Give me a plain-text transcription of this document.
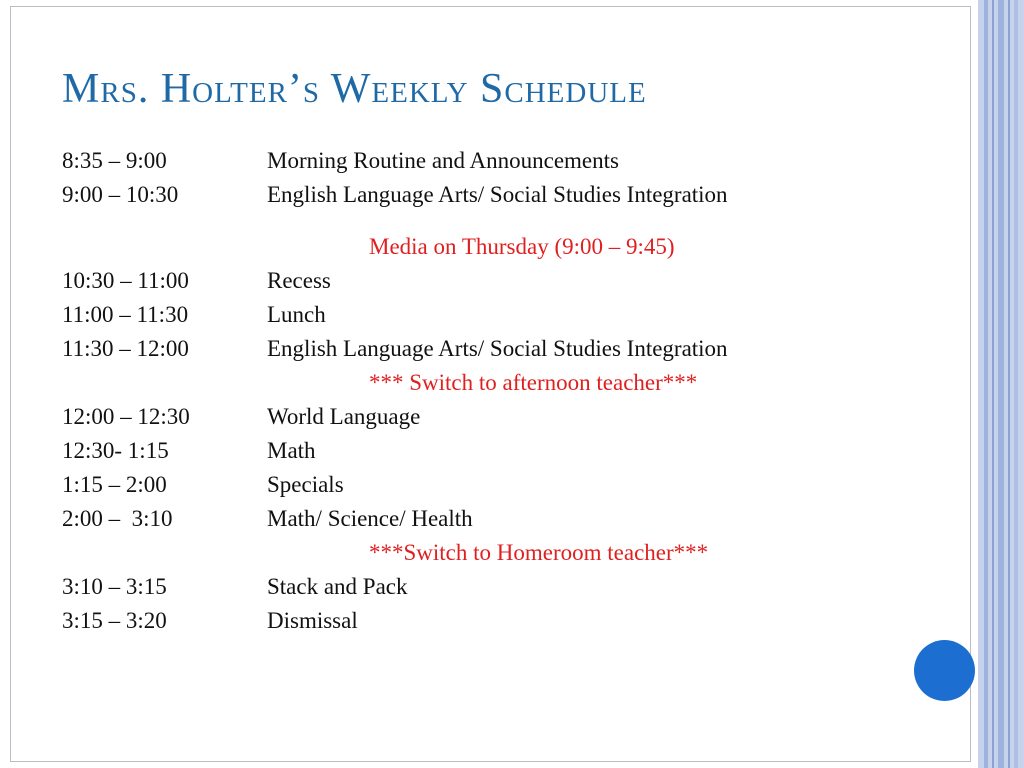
Mrs. Holter’s Weekly Schedule
8:35 – 9:00	Morning Routine and Announcements
9:00 – 10:30	English Language Arts/ Social Studies Integration
Media on Thursday (9:00 – 9:45)
10:30 – 11:00	Recess
11:00 – 11:30	Lunch
11:30 – 12:00	English Language Arts/ Social Studies Integration
*** Switch to afternoon teacher***
12:00 – 12:30	World Language
12:30- 1:15	Math
1:15 – 2:00	Specials
2:00 –  3:10	Math/ Science/ Health
***Switch to Homeroom teacher***
3:10 – 3:15	Stack and Pack
3:15 – 3:20	Dismissal
